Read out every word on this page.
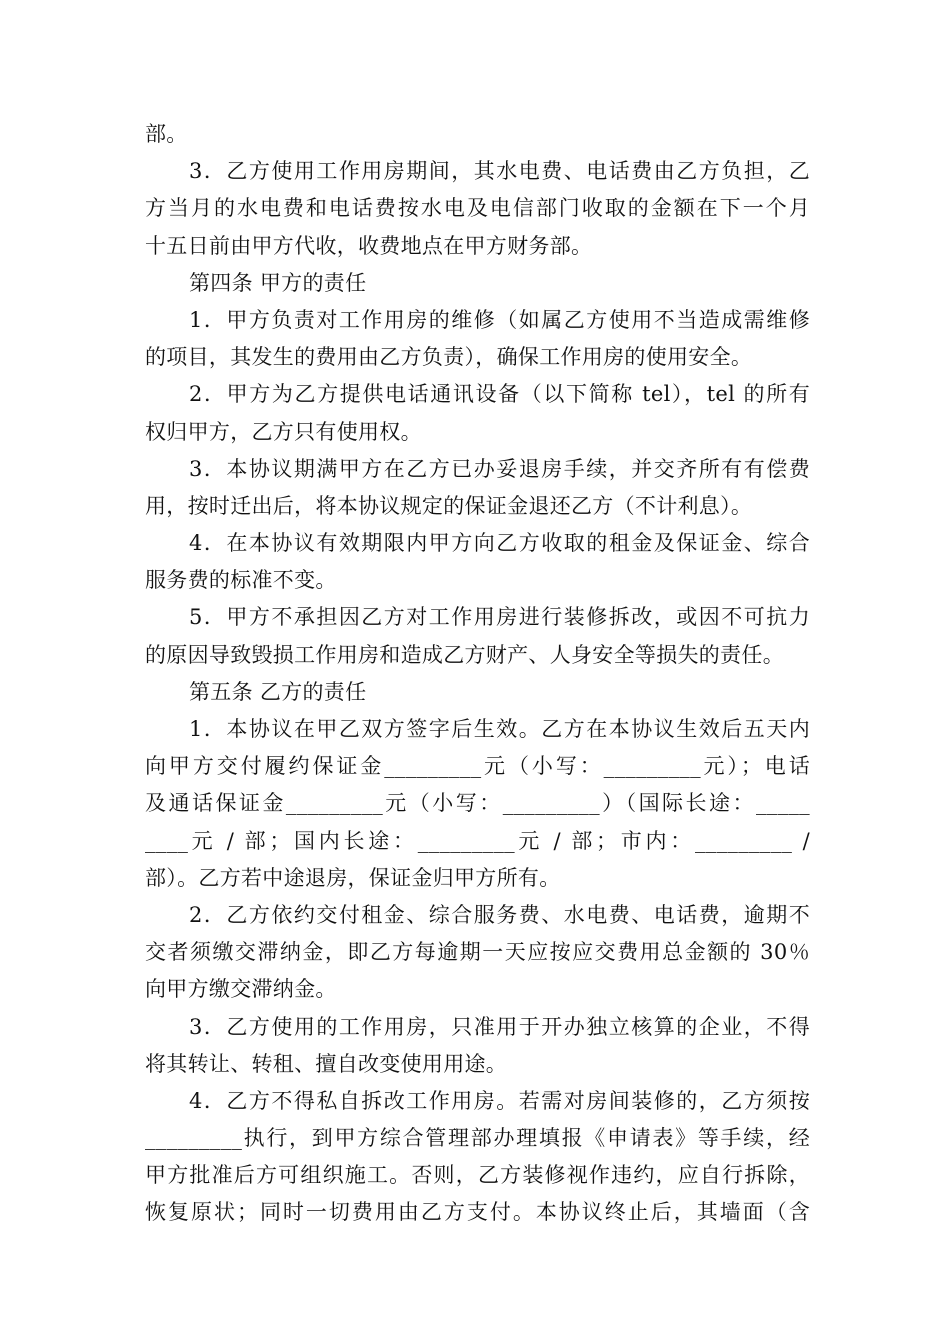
部。
3．乙方使用工作用房期间，其水电费、电话费由乙方负担，乙
方当月的水电费和电话费按水电及电信部门收取的金额在下一个月
十五日前由甲方代收，收费地点在甲方财务部。
第四条 甲方的责任
1．甲方负责对工作用房的维修（如属乙方使用不当造成需维修
的项目，其发生的费用由乙方负责），确保工作用房的使用安全。
2．甲方为乙方提供电话通讯设备（以下简称 tel），tel 的所有
权归甲方，乙方只有使用权。
3．本协议期满甲方在乙方已办妥退房手续，并交齐所有有偿费
用，按时迁出后，将本协议规定的保证金退还乙方（不计利息）。
4．在本协议有效期限内甲方向乙方收取的租金及保证金、综合
服务费的标准不变。
5．甲方不承担因乙方对工作用房进行装修拆改，或因不可抗力
的原因导致毁损工作用房和造成乙方财产、人身安全等损失的责任。
第五条 乙方的责任
1．本协议在甲乙双方签字后生效。乙方在本协议生效后五天内
向甲方交付履约保证金_________元（小写：_________元）；电话
及通话保证金_________元（小写：_________）（国际长途：_____
____元 / 部；国内长途：_________元 / 部；市内：_________ /
部）。乙方若中途退房，保证金归甲方所有。
2．乙方依约交付租金、综合服务费、水电费、电话费，逾期不
交者须缴交滞纳金，即乙方每逾期一天应按应交费用总金额的 30％
向甲方缴交滞纳金。
3．乙方使用的工作用房，只准用于开办独立核算的企业，不得
将其转让、转租、擅自改变使用用途。
4．乙方不得私自拆改工作用房。若需对房间装修的，乙方须按
_________执行，到甲方综合管理部办理填报《申请表》等手续，经
甲方批准后方可组织施工。否则，乙方装修视作违约，应自行拆除，
恢复原状；同时一切费用由乙方支付。本协议终止后，其墙面（含
